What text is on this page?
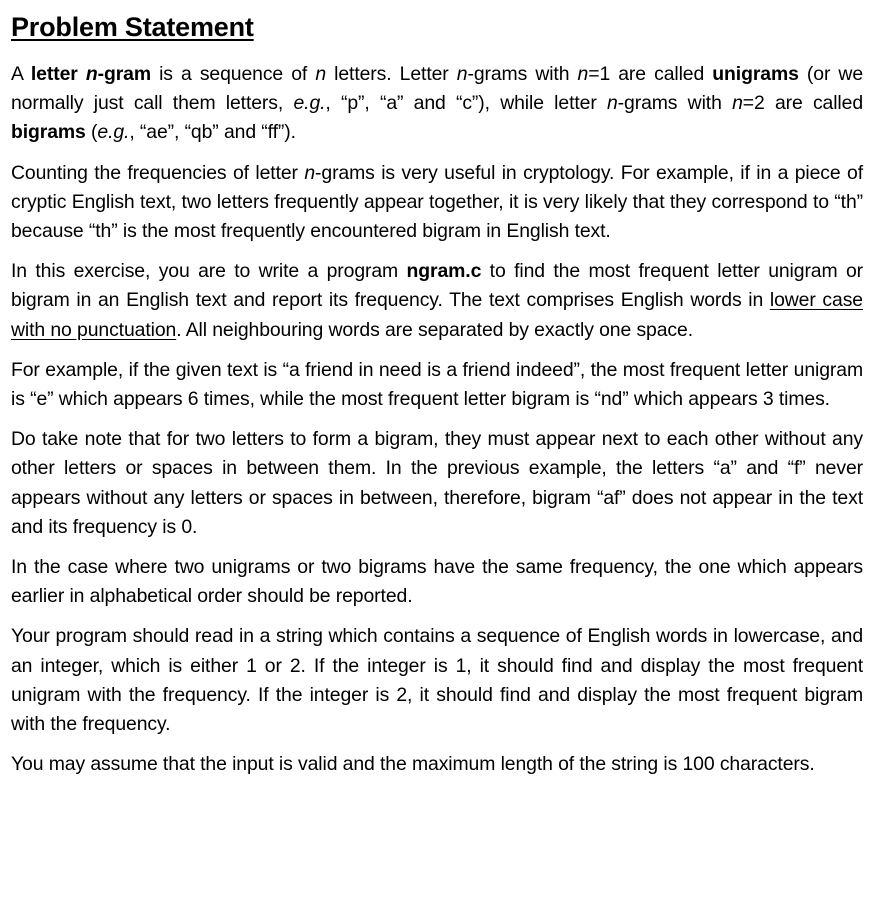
Problem Statement

A letter n-gram is a sequence of n letters. Letter n-grams with n=1 are called unigrams (or we normally just call them letters, e.g., “p”, “a” and “c”), while letter n-grams with n=2 are called bigrams (e.g., “ae”, “qb” and “ff”).

Counting the frequencies of letter n-grams is very useful in cryptology. For example, if in a piece of cryptic English text, two letters frequently appear together, it is very likely that they correspond to “th” because “th” is the most frequently encountered bigram in English text.

In this exercise, you are to write a program ngram.c to find the most frequent letter unigram or bigram in an English text and report its frequency. The text comprises English words in lower case with no punctuation. All neighbouring words are separated by exactly one space.

For example, if the given text is “a friend in need is a friend indeed”, the most frequent letter unigram is “e” which appears 6 times, while the most frequent letter bigram is “nd” which appears 3 times.

Do take note that for two letters to form a bigram, they must appear next to each other without any other letters or spaces in between them. In the previous example, the letters “a” and “f” never appears without any letters or spaces in between, therefore, bigram “af” does not appear in the text and its frequency is 0.

In the case where two unigrams or two bigrams have the same frequency, the one which appears earlier in alphabetical order should be reported.

Your program should read in a string which contains a sequence of English words in lowercase, and an integer, which is either 1 or 2. If the integer is 1, it should find and display the most frequent unigram with the frequency. If the integer is 2, it should find and display the most frequent bigram with the frequency.

You may assume that the input is valid and the maximum length of the string is 100 characters.
